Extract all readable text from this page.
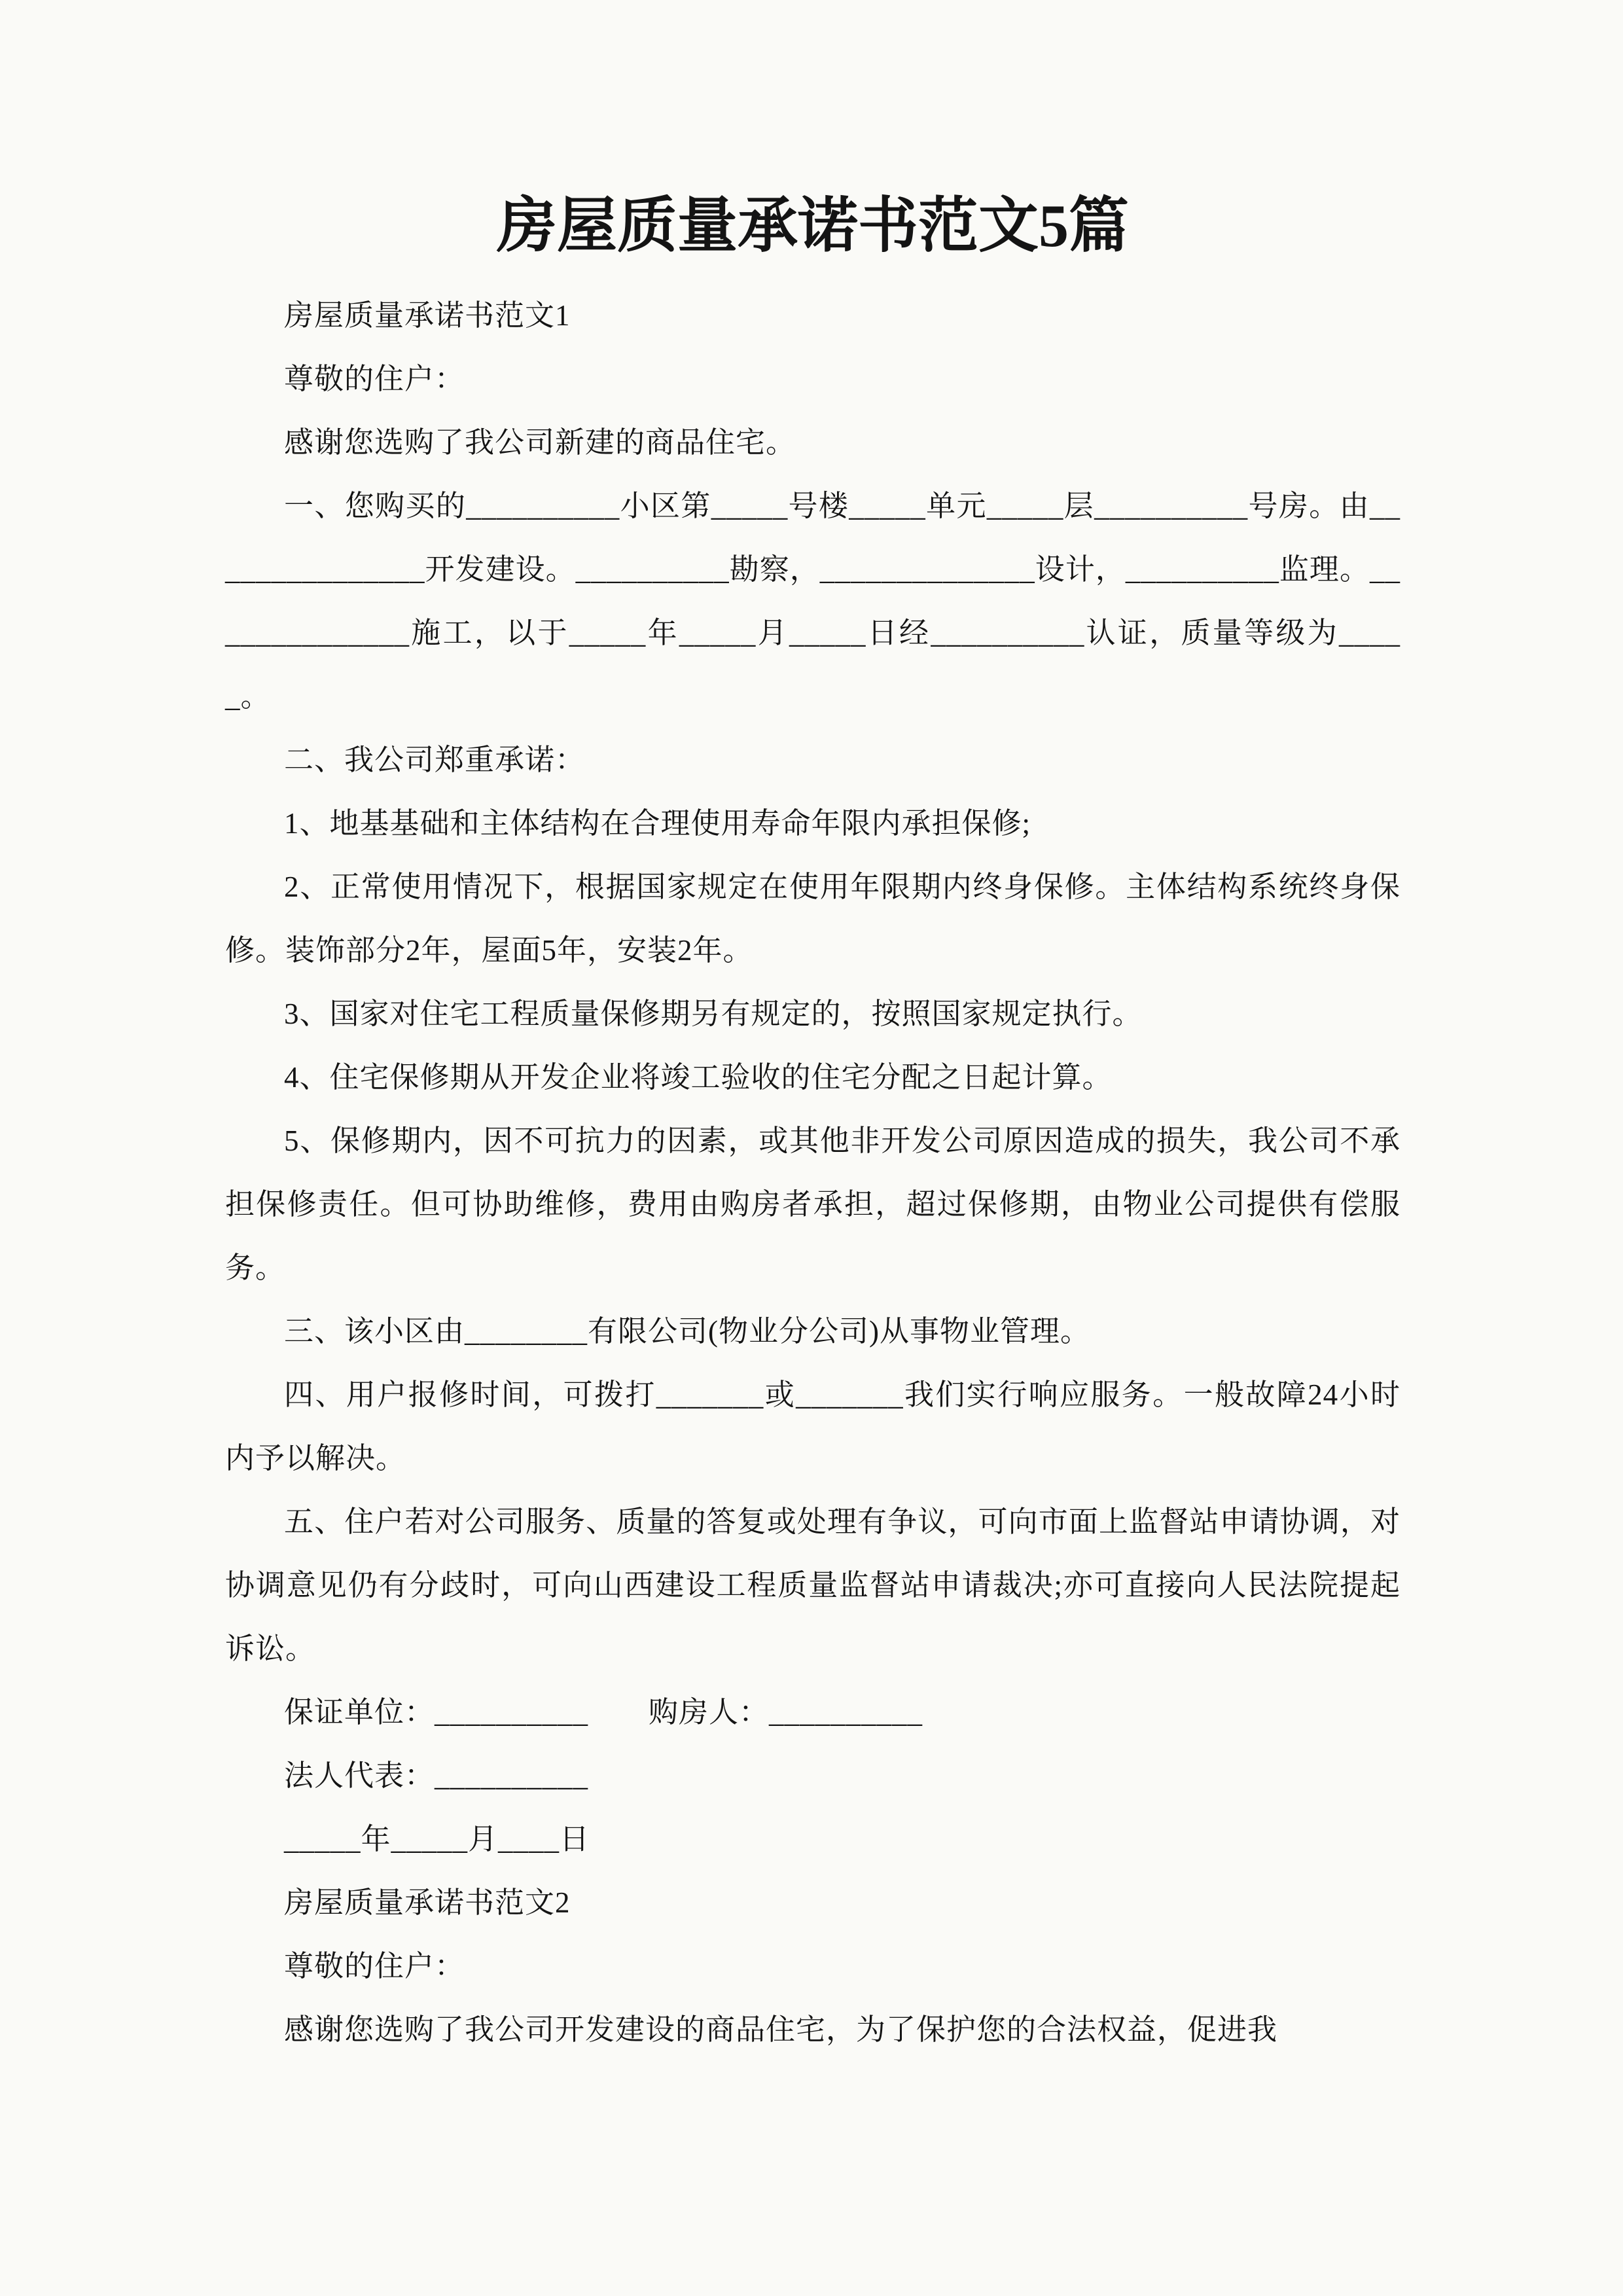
房屋质量承诺书范文5篇

房屋质量承诺书范文1

尊敬的住户：

感谢您选购了我公司新建的商品住宅。

一、您购买的__________小区第_____号楼_____单元_____层__________号房。由_______________开发建设。__________勘察，______________设计，__________监理。______________施工，以于_____年_____月_____日经__________认证，质量等级为_____。

二、我公司郑重承诺：

1、地基基础和主体结构在合理使用寿命年限内承担保修;

2、正常使用情况下，根据国家规定在使用年限期内终身保修。主体结构系统终身保修。装饰部分2年，屋面5年，安装2年。

3、国家对住宅工程质量保修期另有规定的，按照国家规定执行。

4、住宅保修期从开发企业将竣工验收的住宅分配之日起计算。

5、保修期内，因不可抗力的因素，或其他非开发公司原因造成的损失，我公司不承担保修责任。但可协助维修，费用由购房者承担，超过保修期，由物业公司提供有偿服务。

三、该小区由________有限公司(物业分公司)从事物业管理。

四、用户报修时间，可拨打_______或_______我们实行响应服务。一般故障24小时内予以解决。

五、住户若对公司服务、质量的答复或处理有争议，可向市面上监督站申请协调，对协调意见仍有分歧时，可向山西建设工程质量监督站申请裁决;亦可直接向人民法院提起诉讼。

保证单位：__________　　购房人：__________

法人代表：__________

_____年_____月____日

房屋质量承诺书范文2

尊敬的住户：

感谢您选购了我公司开发建设的商品住宅，为了保护您的合法权益，促进我
